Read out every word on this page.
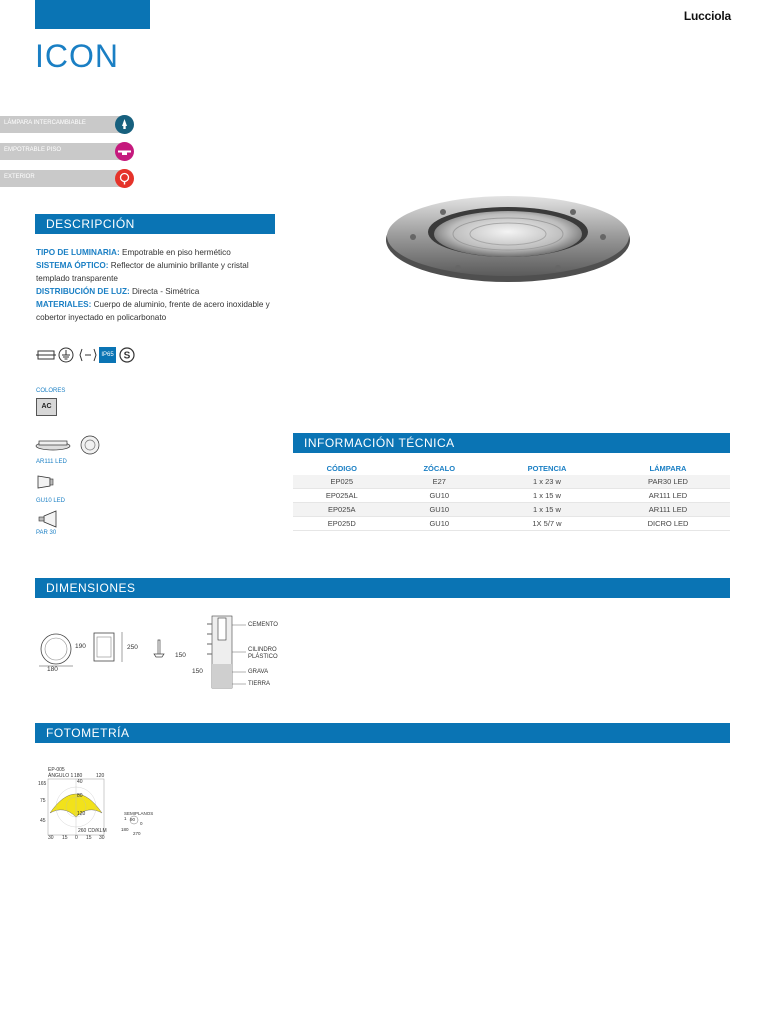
Lucciola
ICON
LÁMPARA INTERCAMBIABLE
EMPOTRABLE PISO
EXTERIOR
DESCRIPCIÓN

TIPO DE LUMINARIA: Empotrable en piso hermético

SISTEMA ÓPTICO: Reflector de aluminio brillante y cristal templado transparente

DISTRIBUCIÓN DE LUZ: Directa - Simétrica

MATERIALES: Cuerpo de aluminio, frente de acero inoxidable y cobertor inyectado en policarbonato

IP65 S
COLORES
AC
AR111 LED
GU10 LED
PAR 30
INFORMACIÓN TÉCNICA
CÓDIGO	ZÓCALO	POTENCIA	LÁMPARA
EP025	E27	1 x 23 w	PAR30 LED
EP025AL	GU10	1 x 15 w	AR111 LED
EP025A	GU10	1 x 15 w	AR111 LED
EP025D	GU10	1X 5/7 w	DICRO LED
DIMENSIONES
180
190	250
150
150
CEMENTO
CILINDRO
PLÁSTICO
GRAVA
TIERRA
FOTOMETRÍA
EP-005
ÁNGULO 1 180	120
165
75
45
40
80
120
260 CD/KLM
30 15 0 15 30
SEMIPLANOS 1 90
180
270
0
